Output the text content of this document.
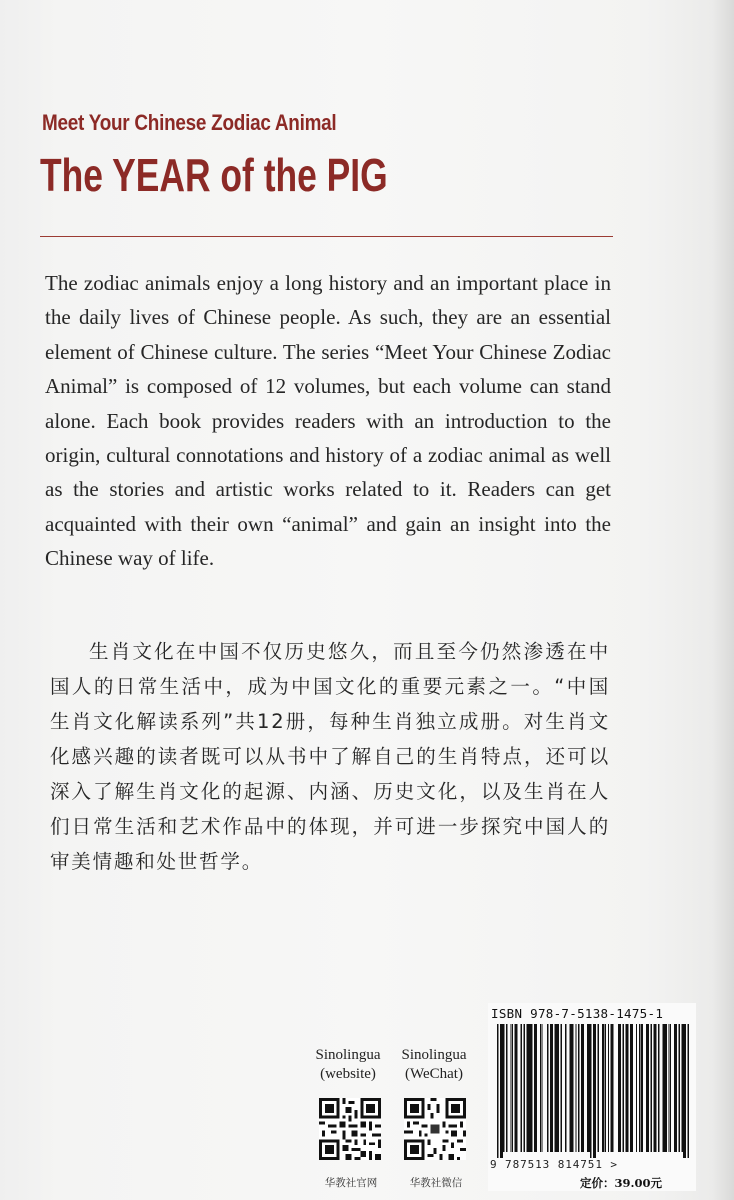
Meet Your Chinese Zodiac Animal
The YEAR of the PIG

The zodiac animals enjoy a long history and an important place in the daily lives of Chinese people. As such, they are an essential element of Chinese culture. The series “Meet Your Chinese Zodiac Animal” is composed of 12 volumes, but each volume can stand alone. Each book provides readers with an introduction to the origin, cultural connotations and history of a zodiac animal as well as the stories and artistic works related to it. Readers can get acquainted with their own “animal” and gain an insight into the Chinese way of life.

生肖文化在中国不仅历史悠久，而且至今仍然渗透在中国人的日常生活中，成为中国文化的重要元素之一。“中国生肖文化解读系列”共12册，每种生肖独立成册。对生肖文化感兴趣的读者既可以从书中了解自己的生肖特点，还可以深入了解生肖文化的起源、内涵、历史文化，以及生肖在人们日常生活和艺术作品中的体现，并可进一步探究中国人的审美情趣和处世哲学。

Sinolingua
(website)
Sinolingua
(WeChat)
华教社官网	华教社微信
ISBN 978-7-5138-1475-1
9 787513 814751 >
定价：39.00元
